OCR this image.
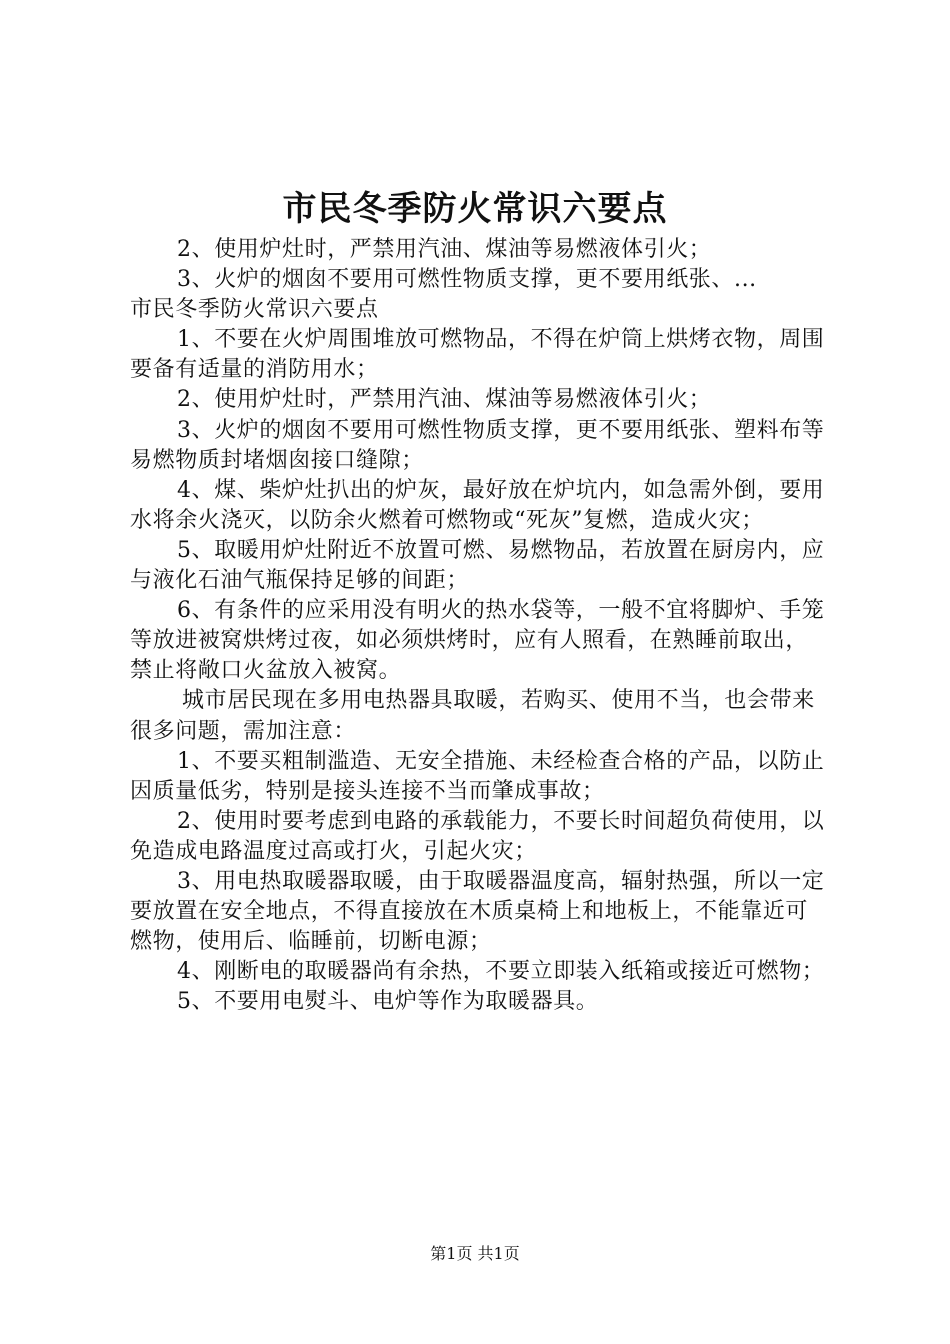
市民冬季防火常识六要点

2、使用炉灶时，严禁用汽油、煤油等易燃液体引火；

3、火炉的烟囱不要用可燃性物质支撑，更不要用纸张、...

市民冬季防火常识六要点

1、不要在火炉周围堆放可燃物品，不得在炉筒上烘烤衣物，周围要备有适量的消防用水；

2、使用炉灶时，严禁用汽油、煤油等易燃液体引火；

3、火炉的烟囱不要用可燃性物质支撑，更不要用纸张、塑料布等易燃物质封堵烟囱接口缝隙；

4、煤、柴炉灶扒出的炉灰，最好放在炉坑内，如急需外倒，要用水将余火浇灭，以防余火燃着可燃物或“死灰”复燃，造成火灾；

5、取暖用炉灶附近不放置可燃、易燃物品，若放置在厨房内，应与液化石油气瓶保持足够的间距；

6、有条件的应采用没有明火的热水袋等，一般不宜将脚炉、手笼等放进被窝烘烤过夜，如必须烘烤时，应有人照看，在熟睡前取出，禁止将敞口火盆放入被窝。

城市居民现在多用电热器具取暖，若购买、使用不当，也会带来很多问题，需加注意：

1、不要买粗制滥造、无安全措施、未经检查合格的产品，以防止因质量低劣，特别是接头连接不当而肇成事故；

2、使用时要考虑到电路的承载能力，不要长时间超负荷使用，以免造成电路温度过高或打火，引起火灾；

3、用电热取暖器取暖，由于取暖器温度高，辐射热强，所以一定要放置在安全地点，不得直接放在木质桌椅上和地板上，不能靠近可燃物，使用后、临睡前，切断电源；

4、刚断电的取暖器尚有余热，不要立即装入纸箱或接近可燃物；

5、不要用电熨斗、电炉等作为取暖器具。

第1页 共1页
